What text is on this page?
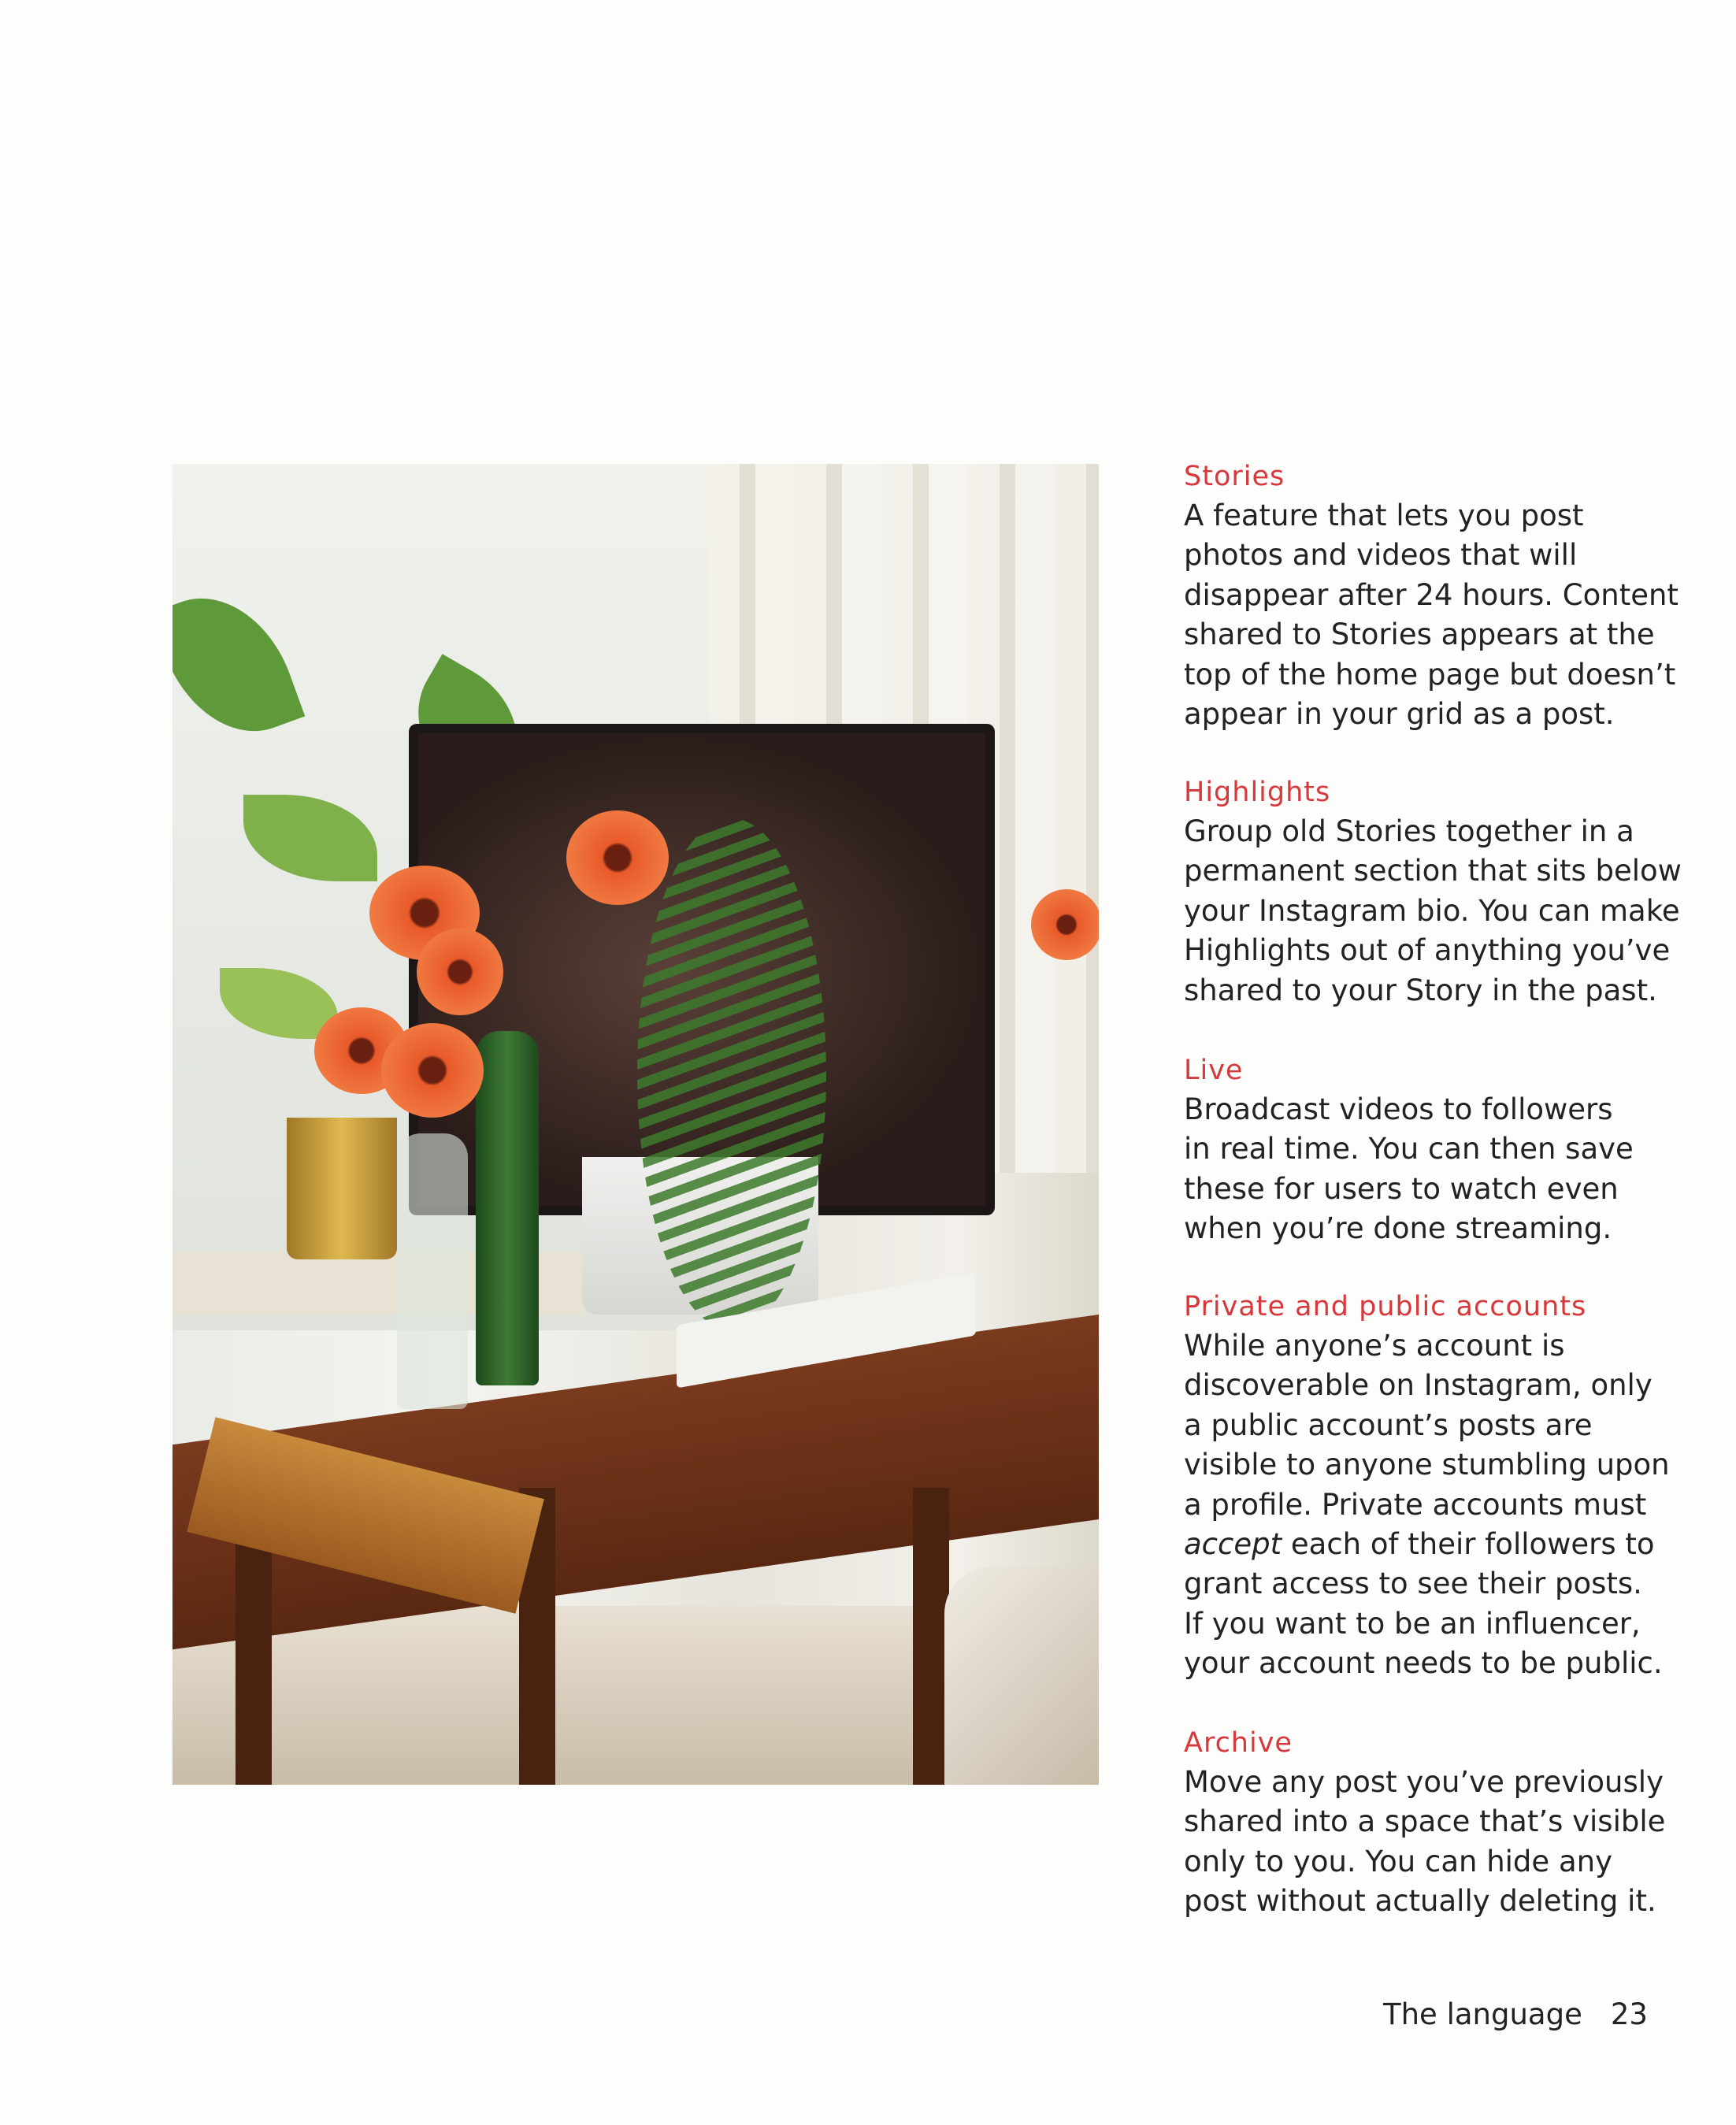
Stories
A feature that lets you post
photos and videos that will
disappear after 24 hours. Content
shared to Stories appears at the
top of the home page but doesn’t
appear in your grid as a post.
Highlights
Group old Stories together in a
permanent section that sits below
your Instagram bio. You can make
Highlights out of anything you’ve
shared to your Story in the past.
Live
Broadcast videos to followers
in real time. You can then save
these for users to watch even
when you’re done streaming.
Private and public accounts
While anyone’s account is
discoverable on Instagram, only
a public account’s posts are
visible to anyone stumbling upon
a profile. Private accounts must
accept each of their followers to
grant access to see their posts.
If you want to be an influencer,
your account needs to be public.
Archive
Move any post you’ve previously
shared into a space that’s visible
only to you. You can hide any
post without actually deleting it.
The language 23
